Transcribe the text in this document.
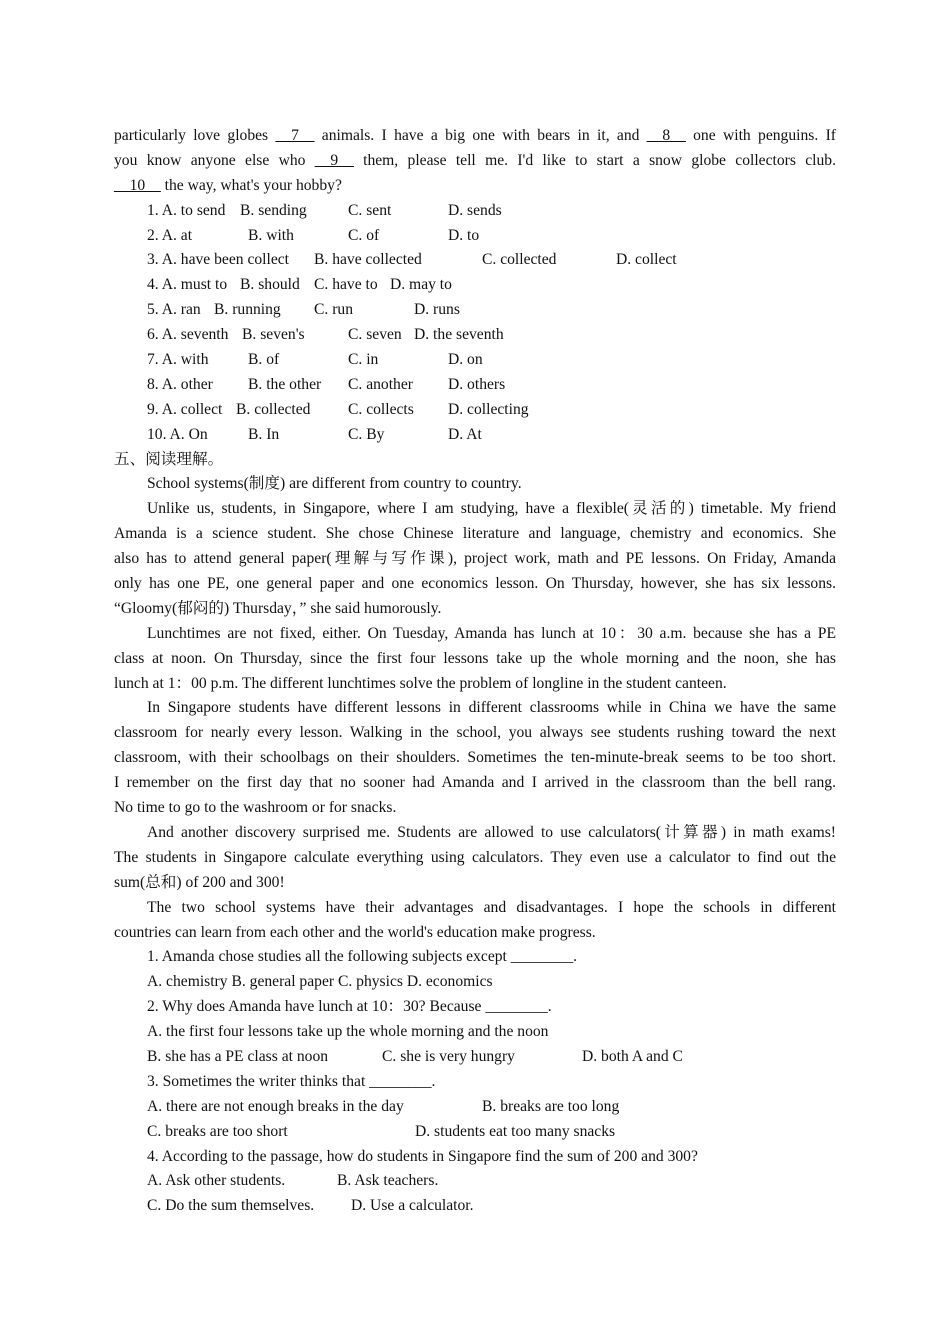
particularly love globes __7__ animals. I have a big one with bears in it, and __8__ one with penguins. If
you know anyone else who __9__ them, please tell me. I'd like to start a snow globe collectors club.
__10__ the way, what's your hobby?
1. A. to send B. sending	C. sent	D. sends
2. A. at	B. with	C. of	D. to
3. A. have been collect B. have collected	C. collected	D. collect
4. A. must to B. should C. have to D. may to
5. A. ran B. running C. run	D. runs
6. A. seventh B. seven's	C. seven D. the seventh
7. A. with	B. of	C. in	D. on
8. A. other B. the other C. another D. others
9. A. collect B. collected C. collects D. collecting
10. A. On	B. In	C. By	D. At
五、阅读理解。
School systems(制度) are different from country to country.
Unlike us, students, in Singapore, where I am studying, have a flexible(灵活的) timetable. My friend
Amanda is a science student. She chose Chinese literature and language, chemistry and economics. She
also has to attend general paper(理解与写作课), project work, math and PE lessons. On Friday, Amanda
only has one PE, one general paper and one economics lesson. On Thursday, however, she has six lessons.
“Gloomy(郁闷的) Thursday，” she said humorously.
Lunchtimes are not fixed, either. On Tuesday, Amanda has lunch at 10：30 a.m. because she has a PE
class at noon. On Thursday, since the first four lessons take up the whole morning and the noon, she has
lunch at 1：00 p.m. The different lunchtimes solve the problem of longline in the student canteen.
In Singapore students have different lessons in different classrooms while in China we have the same
classroom for nearly every lesson. Walking in the school, you always see students rushing toward the next
classroom, with their schoolbags on their shoulders. Sometimes the ten-minute-break seems to be too short.
I remember on the first day that no sooner had Amanda and I arrived in the classroom than the bell rang.
No time to go to the washroom or for snacks.
And another discovery surprised me. Students are allowed to use calculators(计算器) in math exams!
The students in Singapore calculate everything using calculators. They even use a calculator to find out the
sum(总和) of 200 and 300!
The two school systems have their advantages and disadvantages. I hope the schools in different
countries can learn from each other and the world's education make progress.
1. Amanda chose studies all the following subjects except ________.
A. chemistry B. general paper C. physics D. economics
2. Why does Amanda have lunch at 10：30? Because ________.
A. the first four lessons take up the whole morning and the noon
B. she has a PE class at noon	C. she is very hungry	D. both A and C
3. Sometimes the writer thinks that ________.
A. there are not enough breaks in the day	B. breaks are too long
C. breaks are too short	D. students eat too many snacks
4. According to the passage, how do students in Singapore find the sum of 200 and 300?
A. Ask other students.	B. Ask teachers.
C. Do the sum themselves. D. Use a calculator.
